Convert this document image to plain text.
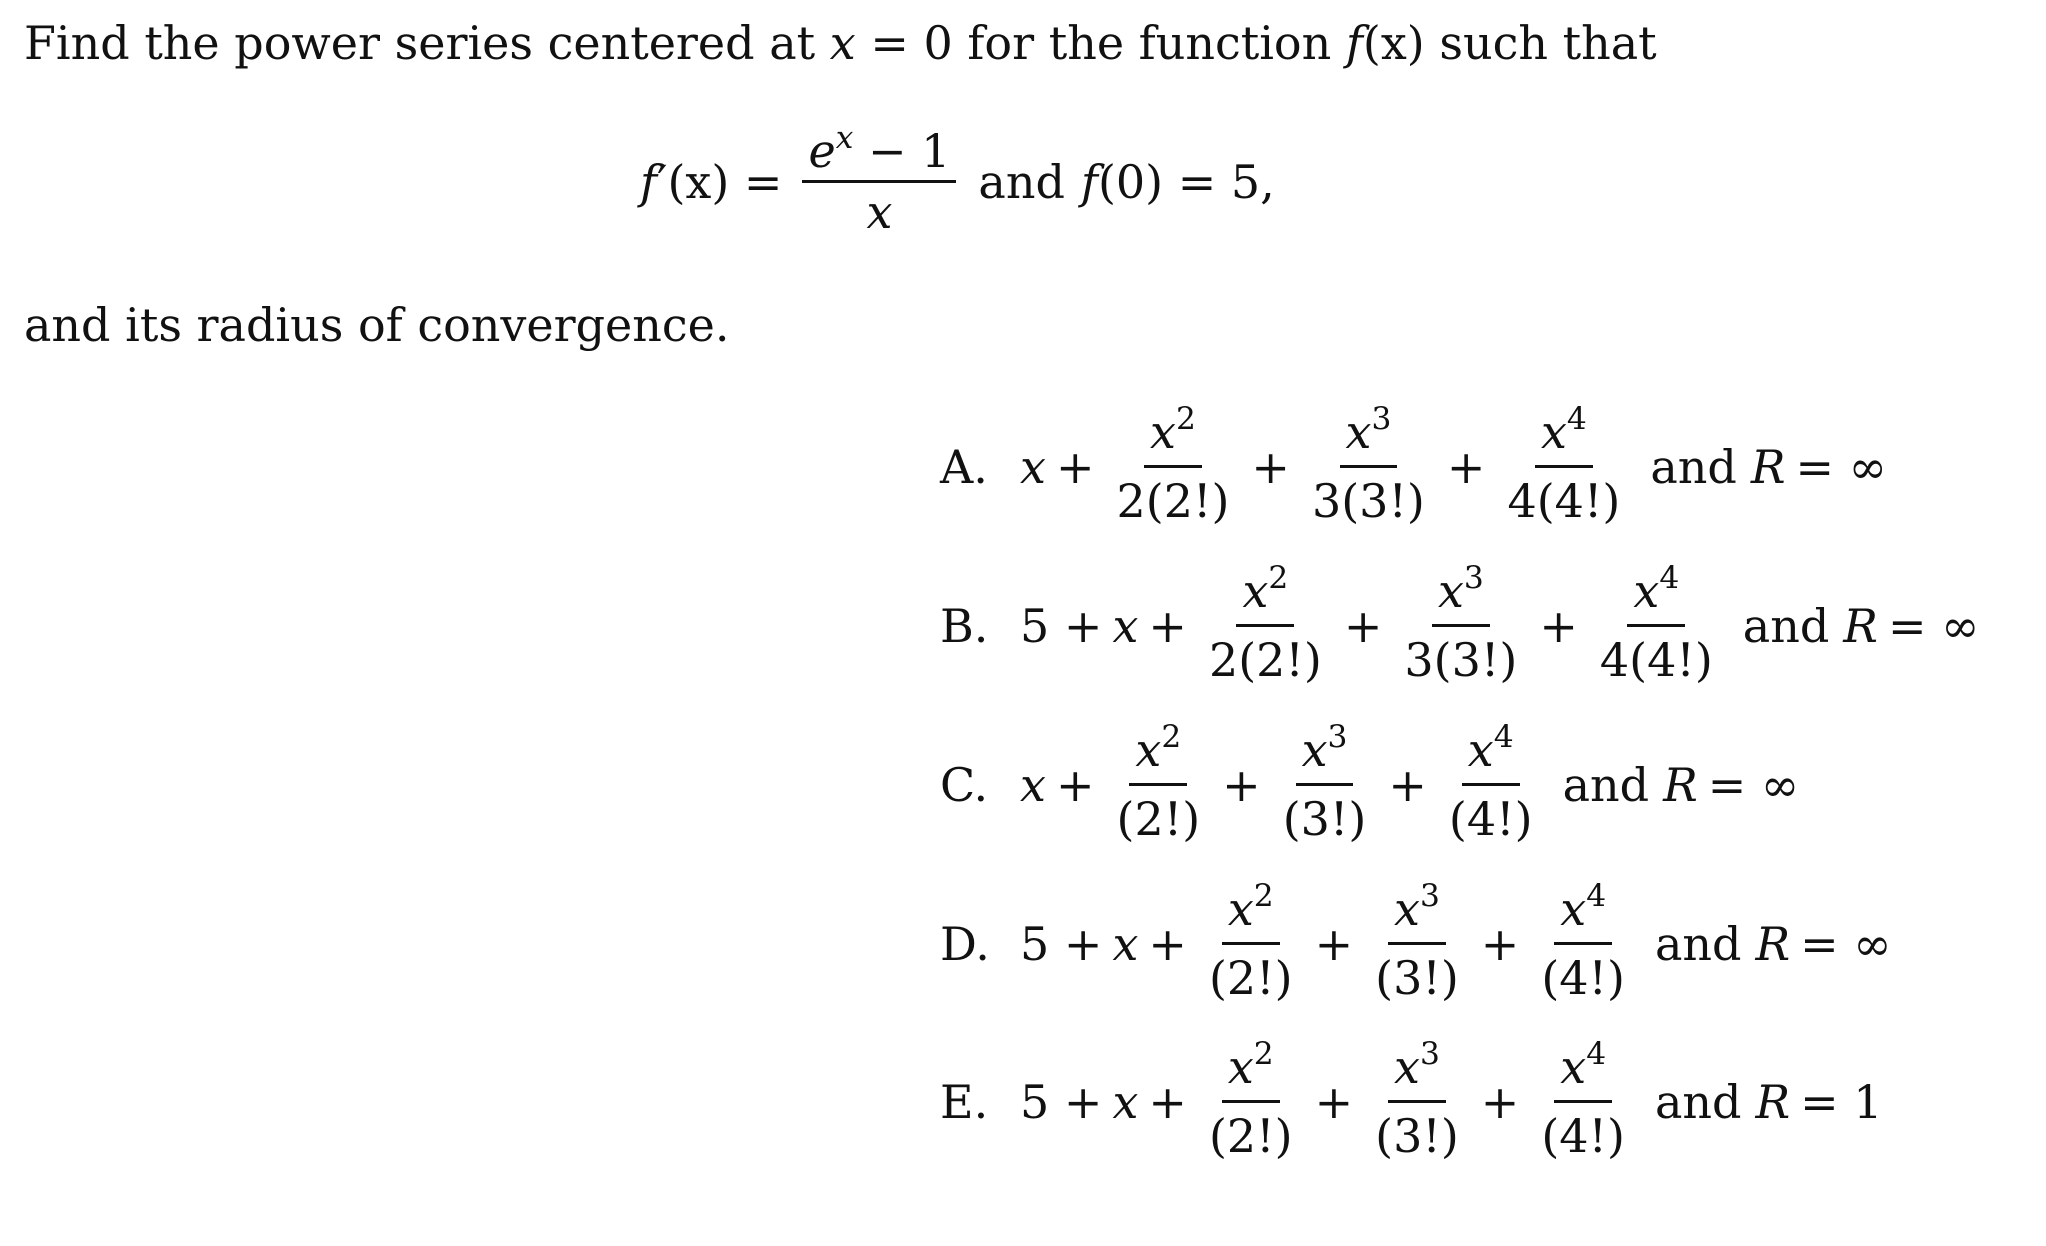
Find the power series centered at x = 0 for the function f(x) such that
f $'(x) = \frac{e^x - 1}{x}$ and f (0) = 5,
and its radius of convergence.
A. $x + \frac{x^2}{2(2!)} + \frac{x^3}{3(3!)} + \frac{x^4}{4(4!)}$ and R = ∞
B. $5 + x + \frac{x^2}{2(2!)} + \frac{x^3}{3(3!)} + \frac{x^4}{4(4!)}$ and R = ∞
C. $x + \frac{x^2}{(2!)} + \frac{x^3}{(3!)} + \frac{x^4}{(4!)}$ and R = ∞
D. $5 + x + \frac{x^2}{(2!)} + \frac{x^3}{(3!)} + \frac{x^4}{(4!)}$ and R = ∞
E. $5 + x + \frac{x^2}{(2!)} + \frac{x^3}{(3!)} + \frac{x^4}{(4!)}$ and R = 1
